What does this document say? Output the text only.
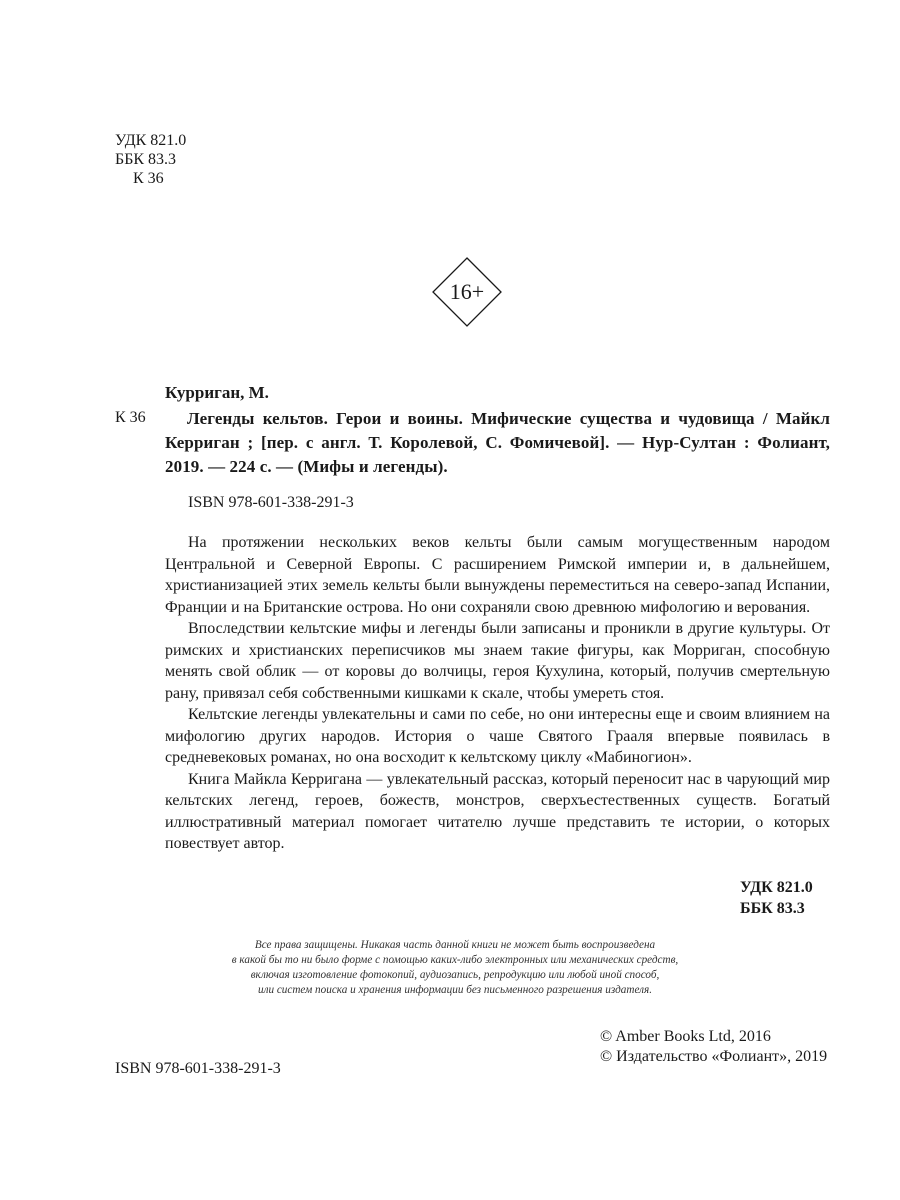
УДК 821.0
ББК 83.3
К 36
16+
Курриган, М.
К 36	Легенды кельтов. Герои и воины. Мифические существа и чудовища / Майкл Керриган ; [пер. с англ. Т. Королевой, С. Фомичевой]. — Нур-Султан : Фолиант, 2019. — 224 с. — (Мифы и легенды).
ISBN 978-601-338-291-3

На протяжении нескольких веков кельты были самым могущественным народом Центральной и Северной Европы. С расширением Римской империи и, в дальнейшем, христианизацией этих земель кельты были вынуждены переместиться на северо-запад Испании, Франции и на Британские острова. Но они сохраняли свою древнюю мифологию и верования.

Впоследствии кельтские мифы и легенды были записаны и проникли в другие культуры. От римских и христианских переписчиков мы знаем такие фигуры, как Морриган, способную менять свой облик — от коровы до волчицы, героя Кухулина, который, получив смертельную рану, привязал себя собственными кишками к скале, чтобы умереть стоя.

Кельтские легенды увлекательны и сами по себе, но они интересны еще и своим влиянием на мифологию других народов. История о чаше Святого Грааля впервые появилась в средневековых романах, но она восходит к кельтскому циклу «Мабиногион».

Книга Майкла Керригана — увлекательный рассказ, который переносит нас в чарующий мир кельтских легенд, героев, божеств, монстров, сверхъестественных существ. Богатый иллюстративный материал помогает читателю лучше представить те истории, о которых повествует автор.

УДК 821.0
ББК 83.3
Все права защищены. Никакая часть данной книги не может быть воспроизведена
в какой бы то ни было форме с помощью каких-либо электронных или механических средств,
включая изготовление фотокопий, аудиозапись, репродукцию или любой иной способ,
или систем поиска и хранения информации без письменного разрешения издателя.
ISBN 978-601-338-291-3
© Amber Books Ltd, 2016
© Издательство «Фолиант», 2019
